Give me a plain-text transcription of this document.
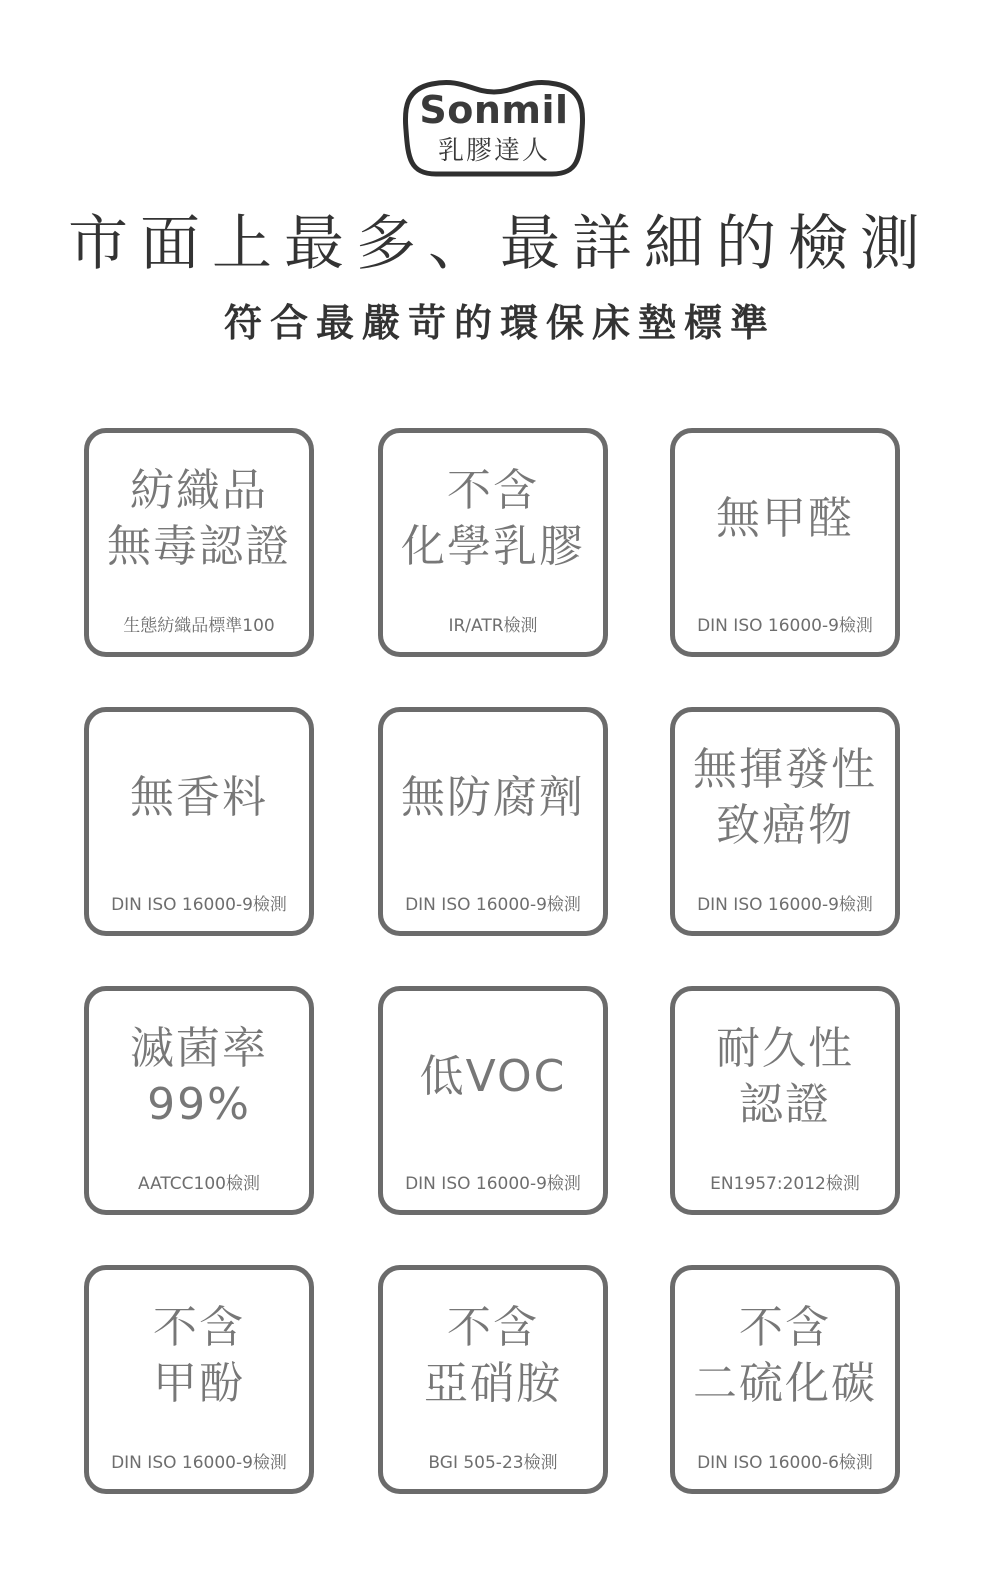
Sonmil
乳膠達人
市面上最多、最詳細的檢測
符合最嚴苛的環保床墊標準
紡織品
無毒認證
生態紡織品標準100
不含
化學乳膠
IR/ATR檢測
無甲醛
DIN ISO 16000-9檢測
無香料
DIN ISO 16000-9檢測
無防腐劑
DIN ISO 16000-9檢測
無揮發性
致癌物
DIN ISO 16000-9檢測
滅菌率
99%
AATCC100檢測
低VOC
DIN ISO 16000-9檢測
耐久性
認證
EN1957:2012檢測
不含
甲酚
DIN ISO 16000-9檢測
不含
亞硝胺
BGI 505-23檢測
不含
二硫化碳
DIN ISO 16000-6檢測
